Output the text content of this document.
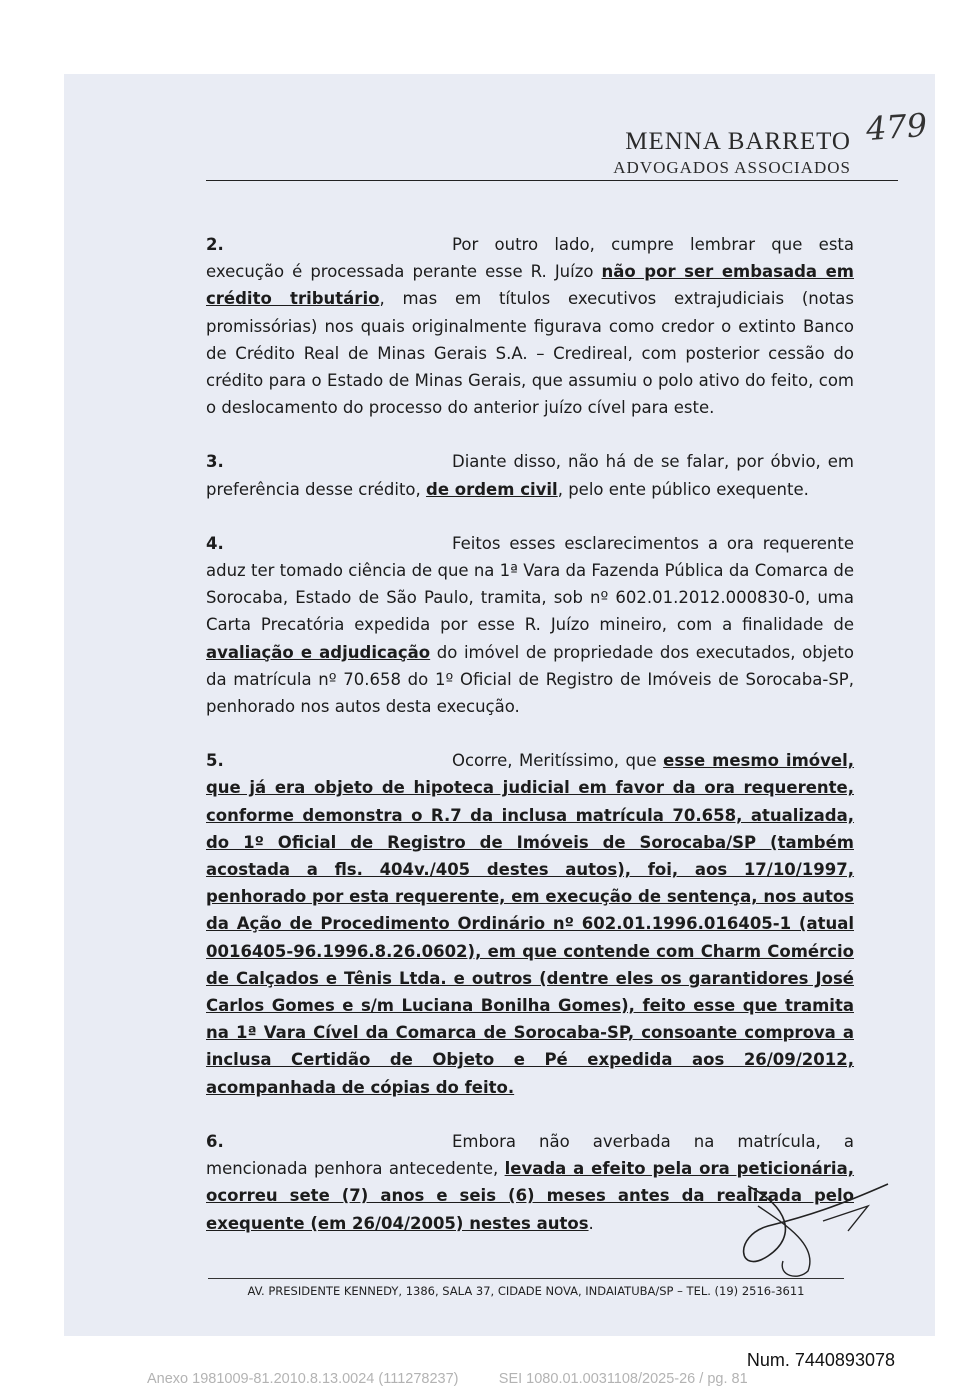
MENNA BARRETO
ADVOGADOS ASSOCIADOS
479

2.	Por outro lado, cumpre lembrar que esta execução é processada perante esse R. Juízo não por ser embasada em crédito tributário, mas em títulos executivos extrajudiciais (notas promissórias) nos quais originalmente figurava como credor o extinto Banco de Crédito Real de Minas Gerais S.A. – Credireal, com posterior cessão do crédito para o Estado de Minas Gerais, que assumiu o polo ativo do feito, com o deslocamento do processo do anterior juízo cível para este.

3.	Diante disso, não há de se falar, por óbvio, em preferência desse crédito, de ordem civil, pelo ente público exequente.

4.	Feitos esses esclarecimentos a ora requerente aduz ter tomado ciência de que na 1ª Vara da Fazenda Pública da Comarca de Sorocaba, Estado de São Paulo, tramita, sob nº 602.01.2012.000830-0, uma Carta Precatória expedida por esse R. Juízo mineiro, com a finalidade de avaliação e adjudicação do imóvel de propriedade dos executados, objeto da matrícula nº 70.658 do 1º Oficial de Registro de Imóveis de Sorocaba-SP, penhorado nos autos desta execução.

5.	Ocorre, Meritíssimo, que esse mesmo imóvel, que já era objeto de hipoteca judicial em favor da ora requerente, conforme demonstra o R.7 da inclusa matrícula 70.658, atualizada, do 1º Oficial de Registro de Imóveis de Sorocaba/SP (também acostada a fls. 404v./405 destes autos), foi, aos 17/10/1997, penhorado por esta requerente, em execução de sentença, nos autos da Ação de Procedimento Ordinário nº 602.01.1996.016405-1 (atual 0016405-96.1996.8.26.0602), em que contende com Charm Comércio de Calçados e Tênis Ltda. e outros (dentre eles os garantidores José Carlos Gomes e s/m Luciana Bonilha Gomes), feito esse que tramita na 1ª Vara Cível da Comarca de Sorocaba-SP, consoante comprova a inclusa Certidão de Objeto e Pé expedida aos 26/09/2012, acompanhada de cópias do feito.

6.	Embora não averbada na matrícula, a mencionada penhora antecedente, levada a efeito pela ora peticionária, ocorreu sete (7) anos e seis (6) meses antes da realizada pelo exequente (em 26/04/2005) nestes autos.

AV. PRESIDENTE KENNEDY, 1386, SALA 37, CIDADE NOVA, INDAIATUBA/SP – TEL. (19) 2516-3611
Num. 7440893078
Anexo 1981009-81.2010.8.13.0024 (111278237)	SEI 1080.01.0031108/2025-26 / pg. 81
